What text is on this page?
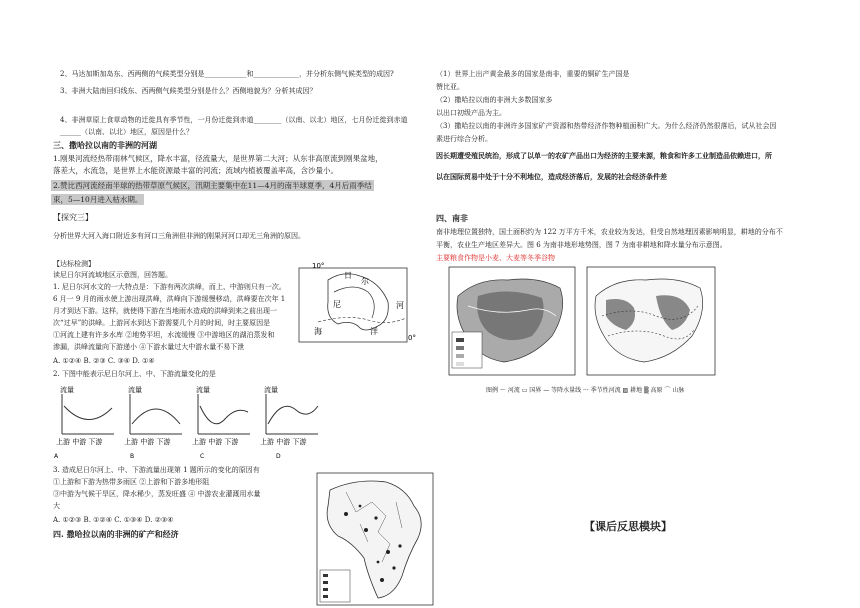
2、马达加斯加岛东、西两侧的气候类型分别是____________和_____________，并分析东侧气候类型的成因?
3、非洲大陆南回归线东、西两侧气候类型分别是什么？西侧地貌为？分析其成因？
4、非洲草原上食草动物的迁徙具有季节性，一月份迁徙到赤道________（以南、以北）地区，七月份迁徙到赤道
______（以南、以北）地区，原因是什么？
三、撒哈拉以南的非洲的河湖
1.刚果河流经热带雨林气候区，降水丰富，径流量大，是世界第二大河；从东非高原流到刚果盆地，
落差大，水流急，是世界上水能资源最丰富的河流；流域内植被覆盖率高，含沙量小。
2.赞比西河流经南半球的热带草原气候区，汛期主要集中在11—4月的南半球夏季，4月后雨季结
束，5—10月进入枯水期。
【探究三】
分析世界大河入海口附近多有河口三角洲但非洲的刚果河河口却无三角洲的原因。
【达标检测】
读尼日尔河流域地区示意图，回答题。
1. 尼日尔河水文的一大特点是：下游有两次洪峰，而上、中游则只有一次。
6 月一 9 月的雨水使上游出现洪峰，洪峰向下游缓慢移动，洪峰要在次年 1
月才到达下游。这样，就使得下游在当地雨水造成的洪峰到来之前出现一
次“过早”的洪峰。上游河水到达下游需要几个月的时间，时主要原因是
①河流上建有许多水库 ②地势平坦，水流缓慢 ③中游地区的湖泊蒸发和
渗漏，洪峰流量向下游递小 ④下游水量过大中游水量不易下泄
A. ①②④ B. ②③ C. ③④ D. ①④
2. 下图中能表示尼日尔河上、中、下游流量变化的是
10°
尼
日
尔
河
海	洋
0°
流量
上游 中游 下游
A
流量
上游 中游 下游
B
流量
上游 中游 下游
C
流量
上游 中游 下游
D
3. 造成尼日尔河上、中、下游流量出现第 1 题所示的变化的原因有
①上游和下游为热带多雨区 ②上游和下游多地形阻
③中游为气候干旱区，降水稀少，蒸发旺盛 ④ 中游农业灌溉用水量
大
A. ①②③ B. ①②④ C. ①③④ D. ②③④
四. 撒哈拉以南的非洲的矿产和经济
（1）世界上出产黄金最多的国家是南非，重要的铜矿生产国是
赞比亚。
（2）撒哈拉以南的非洲大多数国家多
以出口初级产品为主。
（3）撒哈拉以南的非洲许多国家矿产资源和热带经济作物种植面积广大。为什么经济仍然很落后，试从社会因
素进行综合分析。
因长期遭受殖民统治，形成了以单一的农矿产品出口为经济的主要来源，粮食和许多工业制造品依赖进口，所
以在国际贸易中处于十分不利地位，造成经济落后，发展的社会经济条件差
四、南非
南非地理位置独特，国土面积约为 122 万平方千米，农业较为发达，但受自然地理因素影响明显，耕地的分布不
平衡，农业生产地区差异大。图 6 为南非地形地势图，图 7 为南非耕地和降水量分布示意图。
主要粮食作物是小麦、大麦等冬季谷物
图例 ～ 河流 ▭ 国界 — 等降水量线 ··· 季节性河流 ▨ 耕地 ▒ 高原 ⌒ 山脉
【课后反思模块】
